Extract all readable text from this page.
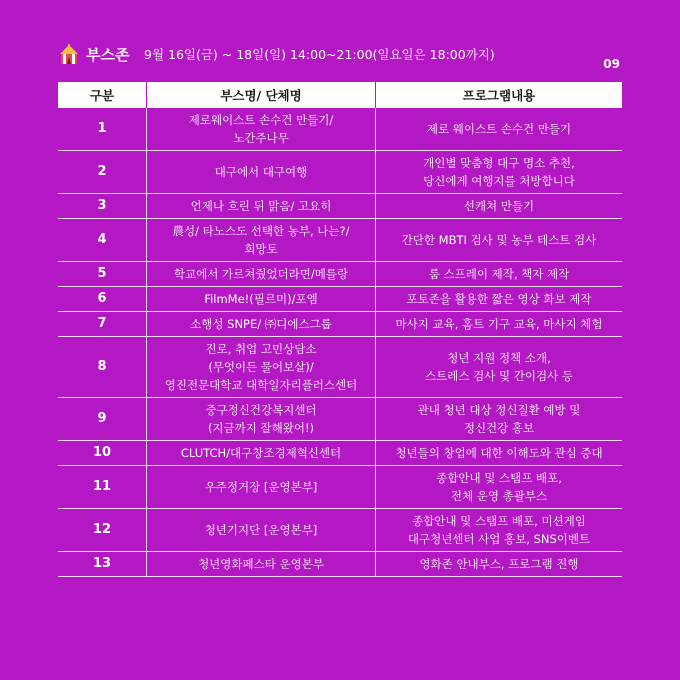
부스존 9월 16일(금) ~ 18일(일) 14:00~21:00(일요일은 18:00까지)
09
구분	부스명/ 단체명	프로그램내용
1	제로웨이스트 손수건 만들기/
노간주나무	제로 웨이스트 손수건 만들기

2	대구에서 대구여행	개인별 맞춤형 대구 명소 추천,
당신에게 여행지를 처방합니다

3	언제나 흐린 뒤 맑음/ 고요히	선캐쳐 만들기

4	農성/ 타노스도 선택한 농부, 나는?/
희망토	간단한 MBTI 검사 및 농부 테스트 검사

5	학교에서 가르쳐줬었더라면/메를랑	룸 스프레이 제작, 책자 제작

6	FilmMe!(필르미)/포엠	포토존을 활용한 짧은 영상 화보 제작

7	소행성 SNPE/ ㈜디에스그룹	마사지 교육, 홈트 기구 교육, 마사지 체험

8	진로, 취업 고민상담소
(무엇이든 물어보살)/
영진전문대학교 대학일자리플러스센터	청년 지원 정책 소개,
스트레스 검사 및 간이검사 등

9	중구정신건강복지센터
(지금까지 잘해왔어!)	관내 청년 대상 정신질환 예방 및
정신건강 홍보

10	CLUTCH/대구창조경제혁신센터	청년들의 창업에 대한 이해도와 관심 증대

11	우주정거장 [운영본부]	종합안내 및 스탬프 배포,
전체 운영 총괄부스

12	청년기지단 [운영본부]	종합안내 및 스탬프 배포, 미션게임
대구청년센터 사업 홍보, SNS이벤트

13	청년영화페스타 운영본부	영화존 안내부스, 프로그램 진행
